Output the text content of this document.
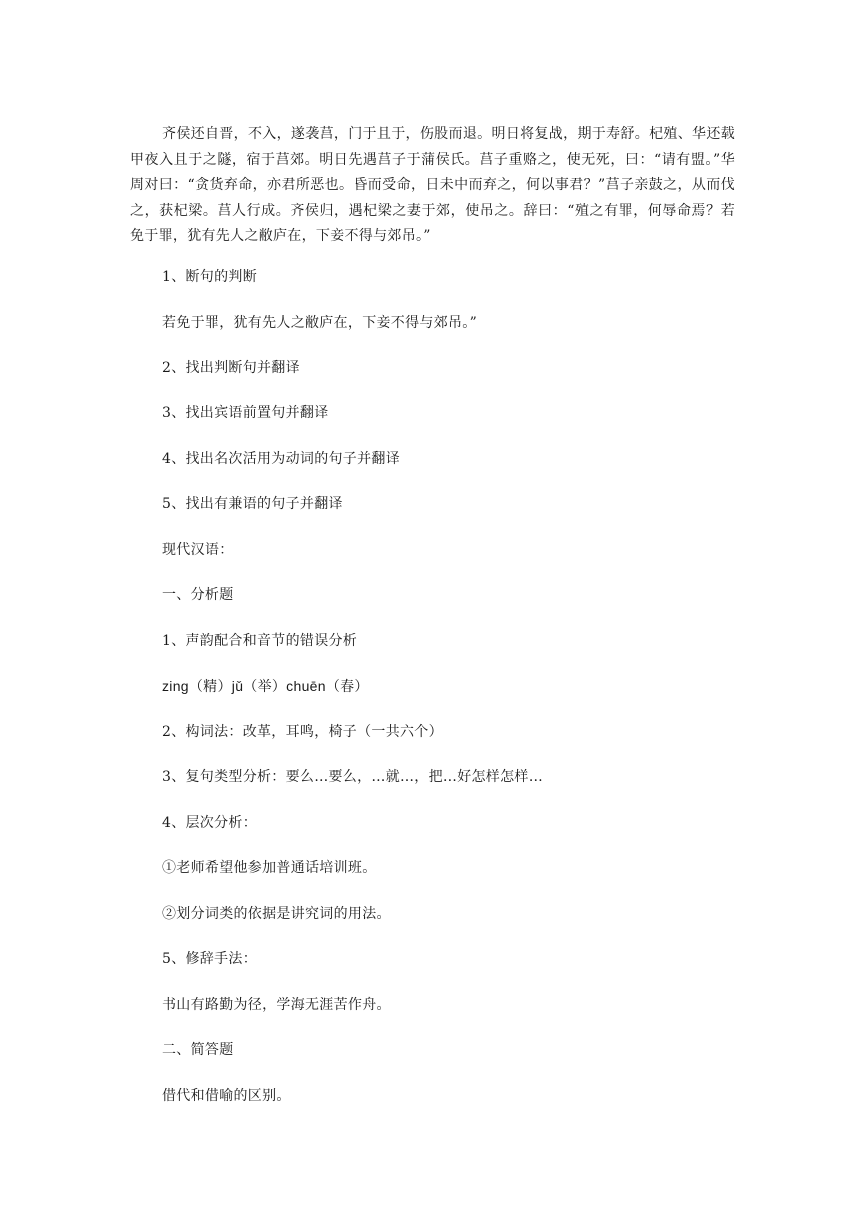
齐侯还自晋，不入，遂袭莒，门于且于，伤股而退。明日将复战，期于寿舒。杞殖、华还载甲夜入且于之隧，宿于莒郊。明日先遇莒子于蒲侯氏。莒子重赂之，使无死，曰：“请有盟。”华周对曰：“贪货弃命，亦君所恶也。昏而受命，日未中而弃之，何以事君？”莒子亲鼓之，从而伐之，获杞梁。莒人行成。齐侯归，遇杞梁之妻于郊，使吊之。辞曰：“殖之有罪，何辱命焉？若免于罪，犹有先人之敝庐在，下妾不得与郊吊。”

1、断句的判断

若免于罪，犹有先人之敝庐在，下妾不得与郊吊。”

2、找出判断句并翻译

3、找出宾语前置句并翻译

4、找出名次活用为动词的句子并翻译

5、找出有兼语的句子并翻译

现代汉语：

一、分析题

1、声韵配合和音节的错误分析

zing（精）jǔ（举）chuēn（春）

2、构词法：改革，耳鸣，椅子（一共六个）

3、复句类型分析：要么…要么，…就…，把…好怎样怎样…

4、层次分析：

①老师希望他参加普通话培训班。

②划分词类的依据是讲究词的用法。

5、修辞手法：

书山有路勤为径，学海无涯苦作舟。

二、简答题

借代和借喻的区别。
